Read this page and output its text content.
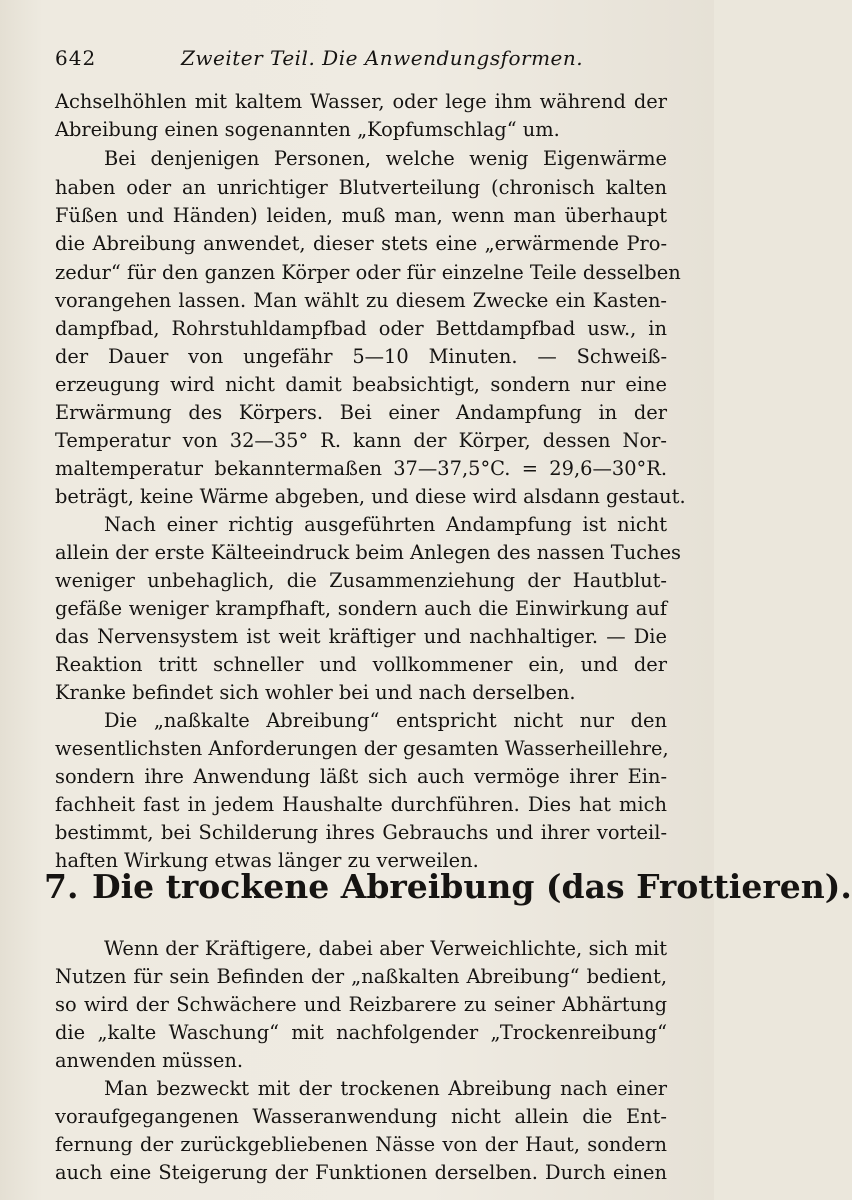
642	Zweiter Teil. Die Anwendungsformen.
Achselhöhlen mit kaltem Wasser, oder lege ihm während der
Abreibung einen sogenannten „Kopfumschlag“ um.
Bei denjenigen Personen, welche wenig Eigenwärme
haben oder an unrichtiger Blutverteilung (chronisch kalten
Füßen und Händen) leiden, muß man, wenn man überhaupt
die Abreibung anwendet, dieser stets eine „erwärmende Pro-
zedur“ für den ganzen Körper oder für einzelne Teile desselben
vorangehen lassen. Man wählt zu diesem Zwecke ein Kasten-
dampfbad, Rohrstuhldampfbad oder Bettdampfbad usw., in
der Dauer von ungefähr 5—10 Minuten. — Schweiß-
erzeugung wird nicht damit beabsichtigt, sondern nur eine
Erwärmung des Körpers. Bei einer Andampfung in der
Temperatur von 32—35° R. kann der Körper, dessen Nor-
maltemperatur bekanntermaßen 37—37,5°C. = 29,6—30°R.
beträgt, keine Wärme abgeben, und diese wird alsdann gestaut.
Nach einer richtig ausgeführten Andampfung ist nicht
allein der erste Kälteeindruck beim Anlegen des nassen Tuches
weniger unbehaglich, die Zusammenziehung der Hautblut-
gefäße weniger krampfhaft, sondern auch die Einwirkung auf
das Nervensystem ist weit kräftiger und nachhaltiger. — Die
Reaktion tritt schneller und vollkommener ein, und der
Kranke befindet sich wohler bei und nach derselben.
Die „naßkalte Abreibung“ entspricht nicht nur den
wesentlichsten Anforderungen der gesamten Wasserheillehre,
sondern ihre Anwendung läßt sich auch vermöge ihrer Ein-
fachheit fast in jedem Haushalte durchführen. Dies hat mich
bestimmt, bei Schilderung ihres Gebrauchs und ihrer vorteil-
haften Wirkung etwas länger zu verweilen.
7. Die trockene Abreibung (das Frottieren).
Wenn der Kräftigere, dabei aber Verweichlichte, sich mit
Nutzen für sein Befinden der „naßkalten Abreibung“ bedient,
so wird der Schwächere und Reizbarere zu seiner Abhärtung
die „kalte Waschung“ mit nachfolgender „Trockenreibung“
anwenden müssen.
Man bezweckt mit der trockenen Abreibung nach einer
voraufgegangenen Wasseranwendung nicht allein die Ent-
fernung der zurückgebliebenen Nässe von der Haut, sondern
auch eine Steigerung der Funktionen derselben. Durch einen
